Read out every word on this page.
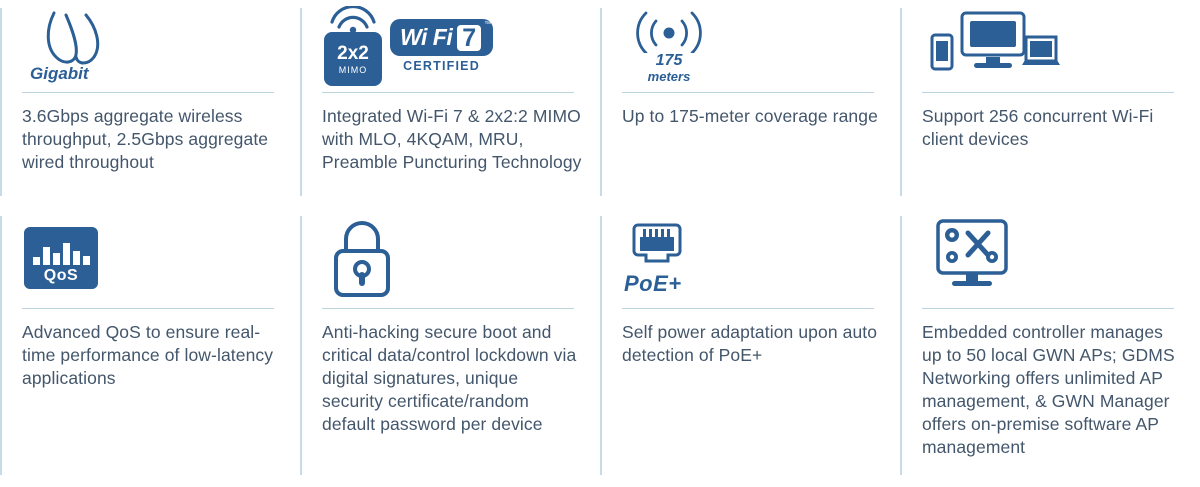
Gigabit
3.6Gbps aggregate wireless throughput, 2.5Gbps aggregate wired throughout
2x2
MIMO
Wi Fi 7	™
CERTIFIED
Integrated Wi-Fi 7 & 2x2:2 MIMO with MLO, 4KQAM, MRU, Preamble Puncturing Technology
175
meters
Up to 175-meter coverage range	Support 256 concurrent Wi-Fi client devices
QoS
Advanced QoS to ensure real-time performance of low-latency applications
Anti-hacking secure boot and critical data/control lockdown via digital signatures, unique security certificate/random default password per device
PoE+
Self power adaptation upon auto detection of PoE+
Embedded controller manages up to 50 local GWN APs; GDMS Networking offers unlimited AP management, & GWN Manager offers on-premise software AP management
